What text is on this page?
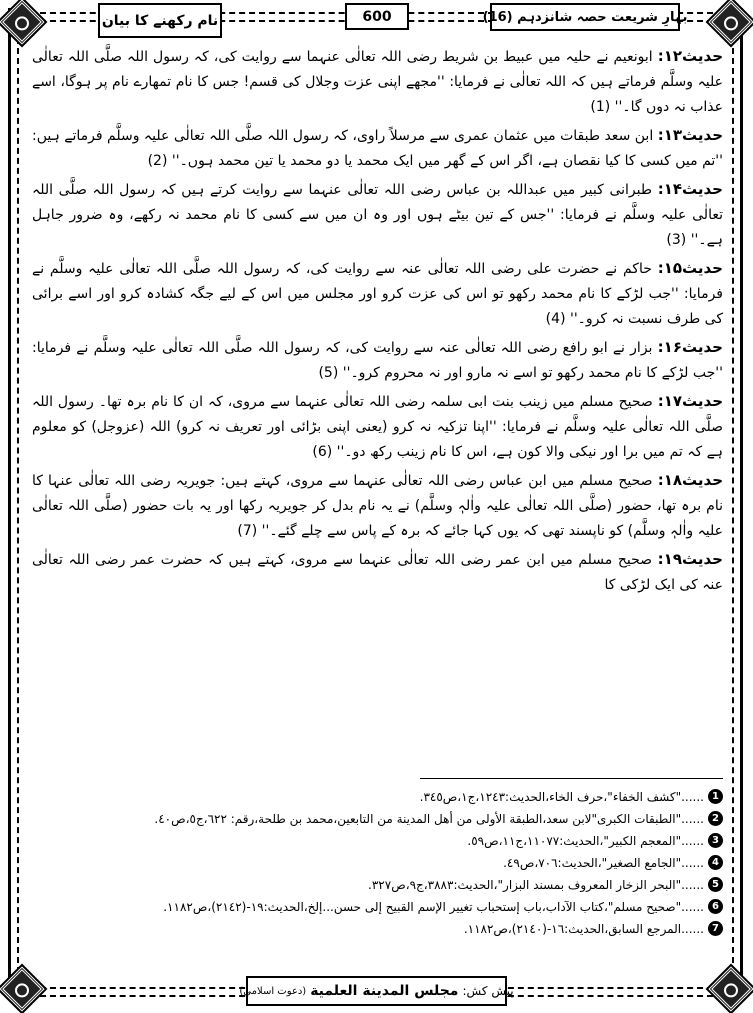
نام رکھنے کا بیان	600	بہارِ شریعت حصہ شانزدہم (16)

حدیث۱۲: ابونعیم نے حلیہ میں عبیط بن شریط رضی اللہ تعالٰی عنہما سے روایت کی، کہ رسول اللہ صلَّی اللہ تعالٰی علیہ وسلَّم فرماتے ہیں کہ اللہ تعالٰی نے فرمایا: ''مجھے اپنی عزت وجلال کی قسم! جس کا نام تمھارے نام پر ہوگا، اسے عذاب نہ دوں گا۔'' (1)

حدیث۱۳: ابن سعد طبقات میں عثمان عمری سے مرسلاً راوی، کہ رسول اللہ صلَّی اللہ تعالٰی علیہ وسلَّم فرماتے ہیں: ''تم میں کسی کا کیا نقصان ہے، اگر اس کے گھر میں ایک محمد یا دو محمد یا تین محمد ہوں۔'' (2)

حدیث۱۴: طبرانی کبیر میں عبداللہ بن عباس رضی اللہ تعالٰی عنہما سے روایت کرتے ہیں کہ رسول اللہ صلَّی اللہ تعالٰی علیہ وسلَّم نے فرمایا: ''جس کے تین بیٹے ہوں اور وہ ان میں سے کسی کا نام محمد نہ رکھے، وہ ضرور جاہل ہے۔'' (3)

حدیث۱۵: حاکم نے حضرت علی رضی اللہ تعالٰی عنہ سے روایت کی، کہ رسول اللہ صلَّی اللہ تعالٰی علیہ وسلَّم نے فرمایا: ''جب لڑکے کا نام محمد رکھو تو اس کی عزت کرو اور مجلس میں اس کے لیے جگہ کشادہ کرو اور اسے برائی کی طرف نسبت نہ کرو۔'' (4)

حدیث۱۶: بزار نے ابو رافع رضی اللہ تعالٰی عنہ سے روایت کی، کہ رسول اللہ صلَّی اللہ تعالٰی علیہ وسلَّم نے فرمایا: ''جب لڑکے کا نام محمد رکھو تو اسے نہ مارو اور نہ محروم کرو۔'' (5)

حدیث۱۷: صحیح مسلم میں زینب بنت ابی سلمہ رضی اللہ تعالٰی عنہما سے مروی، کہ ان کا نام برہ تھا۔ رسول اللہ صلَّی اللہ تعالٰی علیہ وسلَّم نے فرمایا: ''اپنا تزکیہ نہ کرو (یعنی اپنی بڑائی اور تعریف نہ کرو) اللہ (عزوجل) کو معلوم ہے کہ تم میں برا اور نیکی والا کون ہے، اس کا نام زینب رکھ دو۔'' (6)

حدیث۱۸: صحیح مسلم میں ابن عباس رضی اللہ تعالٰی عنہما سے مروی، کہتے ہیں: جویریہ رضی اللہ تعالٰی عنہا کا نام برہ تھا، حضور (صلَّی اللہ تعالٰی علیہ واٰلہٖ وسلَّم) نے یہ نام بدل کر جویریہ رکھا اور یہ بات حضور (صلَّی اللہ تعالٰی علیہ واٰلہٖ وسلَّم) کو ناپسند تھی کہ یوں کہا جائے کہ برہ کے پاس سے چلے گئے۔'' (7)

حدیث۱۹: صحیح مسلم میں ابن عمر رضی اللہ تعالٰی عنہما سے مروی، کہتے ہیں کہ حضرت عمر رضی اللہ تعالٰی عنہ کی ایک لڑکی کا

1
......"كشف الخفاء"،حرف الخاء،الحديث:١٢٤٣،ج١،ص٣٤٥.
2
......"الطبقات الكبرى"لابن سعد،الطبقة الأولى من أهل المدينة من التابعين،محمد بن طلحة،رقم: ٦٢٢،ج٥،ص٤٠.
3
......"المعجم الكبير"،الحديث:١١٠٧٧،ج١١،ص٥٩.
4
......"الجامع الصغير"،الحديث:٧٠٦،ص٤٩.
5
......"البحر الزخار المعروف بمسند البزار"،الحديث:٣٨٨٣،ج٩،ص٣٢٧.
6
......"صحيح مسلم"،كتاب الآداب،باب إستحباب تغيير الإسم القبيح إلى حسن...إلخ،الحديث:١٩-(٢١٤٢)،ص١١٨٢.
7
......المرجع السابق،الحديث:١٦-(٢١٤٠)،ص١١٨٢.
پیش کش:
مجلس المدينة العلمية
(دعوت اسلامی)
